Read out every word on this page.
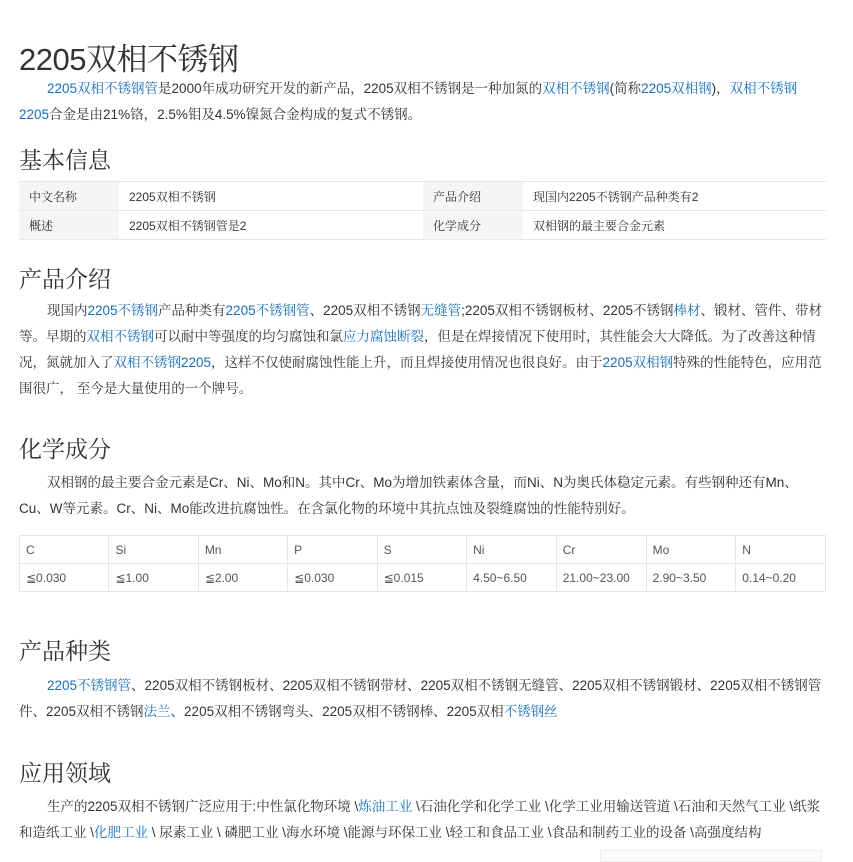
2205双相不锈钢

2205双相不锈钢管是2000年成功研究开发的新产品，2205双相不锈钢是一种加氮的双相不锈钢(简称2205双相钢)，双相不锈钢2205合金是由21%铬，2.5%钼及4.5%镍氮合金构成的复式不锈钢。

基本信息
中文名称	2205双相不锈钢	产品介绍	现国内2205不锈钢产品种类有2
概述	2205双相不锈钢管是2	化学成分	双相钢的最主要合金元素
产品介绍

现国内2205不锈钢产品种类有2205不锈钢管、2205双相不锈钢无缝管;2205双相不锈钢板材、2205不锈钢棒材、锻材、管件、带材等。早期的双相不锈钢可以耐中等强度的均匀腐蚀和氯应力腐蚀断裂，但是在焊接情况下使用时，其性能会大大降低。为了改善这种情况，氮就加入了双相不锈钢2205，这样不仅使耐腐蚀性能上升，而且焊接使用情况也很良好。由于2205双相钢特殊的性能特色，应用范围很广， 至今是大量使用的一个牌号。

化学成分

双相钢的最主要合金元素是Cr、Ni、Mo和N。其中Cr、Mo为增加铁素体含量，而Ni、N为奥氏体稳定元素。有些钢种还有Mn、Cu、W等元素。Cr、Ni、Mo能改进抗腐蚀性。在含氯化物的环境中其抗点蚀及裂缝腐蚀的性能特别好。

C	Si	Mn	P	S	Ni	Cr	Mo	N
≦0.030	≦1.00	≦2.00	≦0.030	≦0.015	4.50~6.50	21.00~23.00	2.90~3.50	0.14~0.20
产品种类

2205不锈钢管、2205双相不锈钢板材、2205双相不锈钢带材、2205双相不锈钢无缝管、2205双相不锈钢锻材、2205双相不锈钢管件、2205双相不锈钢法兰、2205双相不锈钢弯头、2205双相不锈钢棒、2205双相不锈钢丝

应用领域

生产的2205双相不锈钢广泛应用于:中性氯化物环境 \炼油工业 \石油化学和化学工业 \化学工业用输送管道 \石油和天然气工业 \纸浆和造纸工业 \化肥工业 \ 尿素工业 \ 磷肥工业 \海水环境 \能源与环保工业 \轻工和食品工业 \食品和制药工业的设备 \高强度结构
